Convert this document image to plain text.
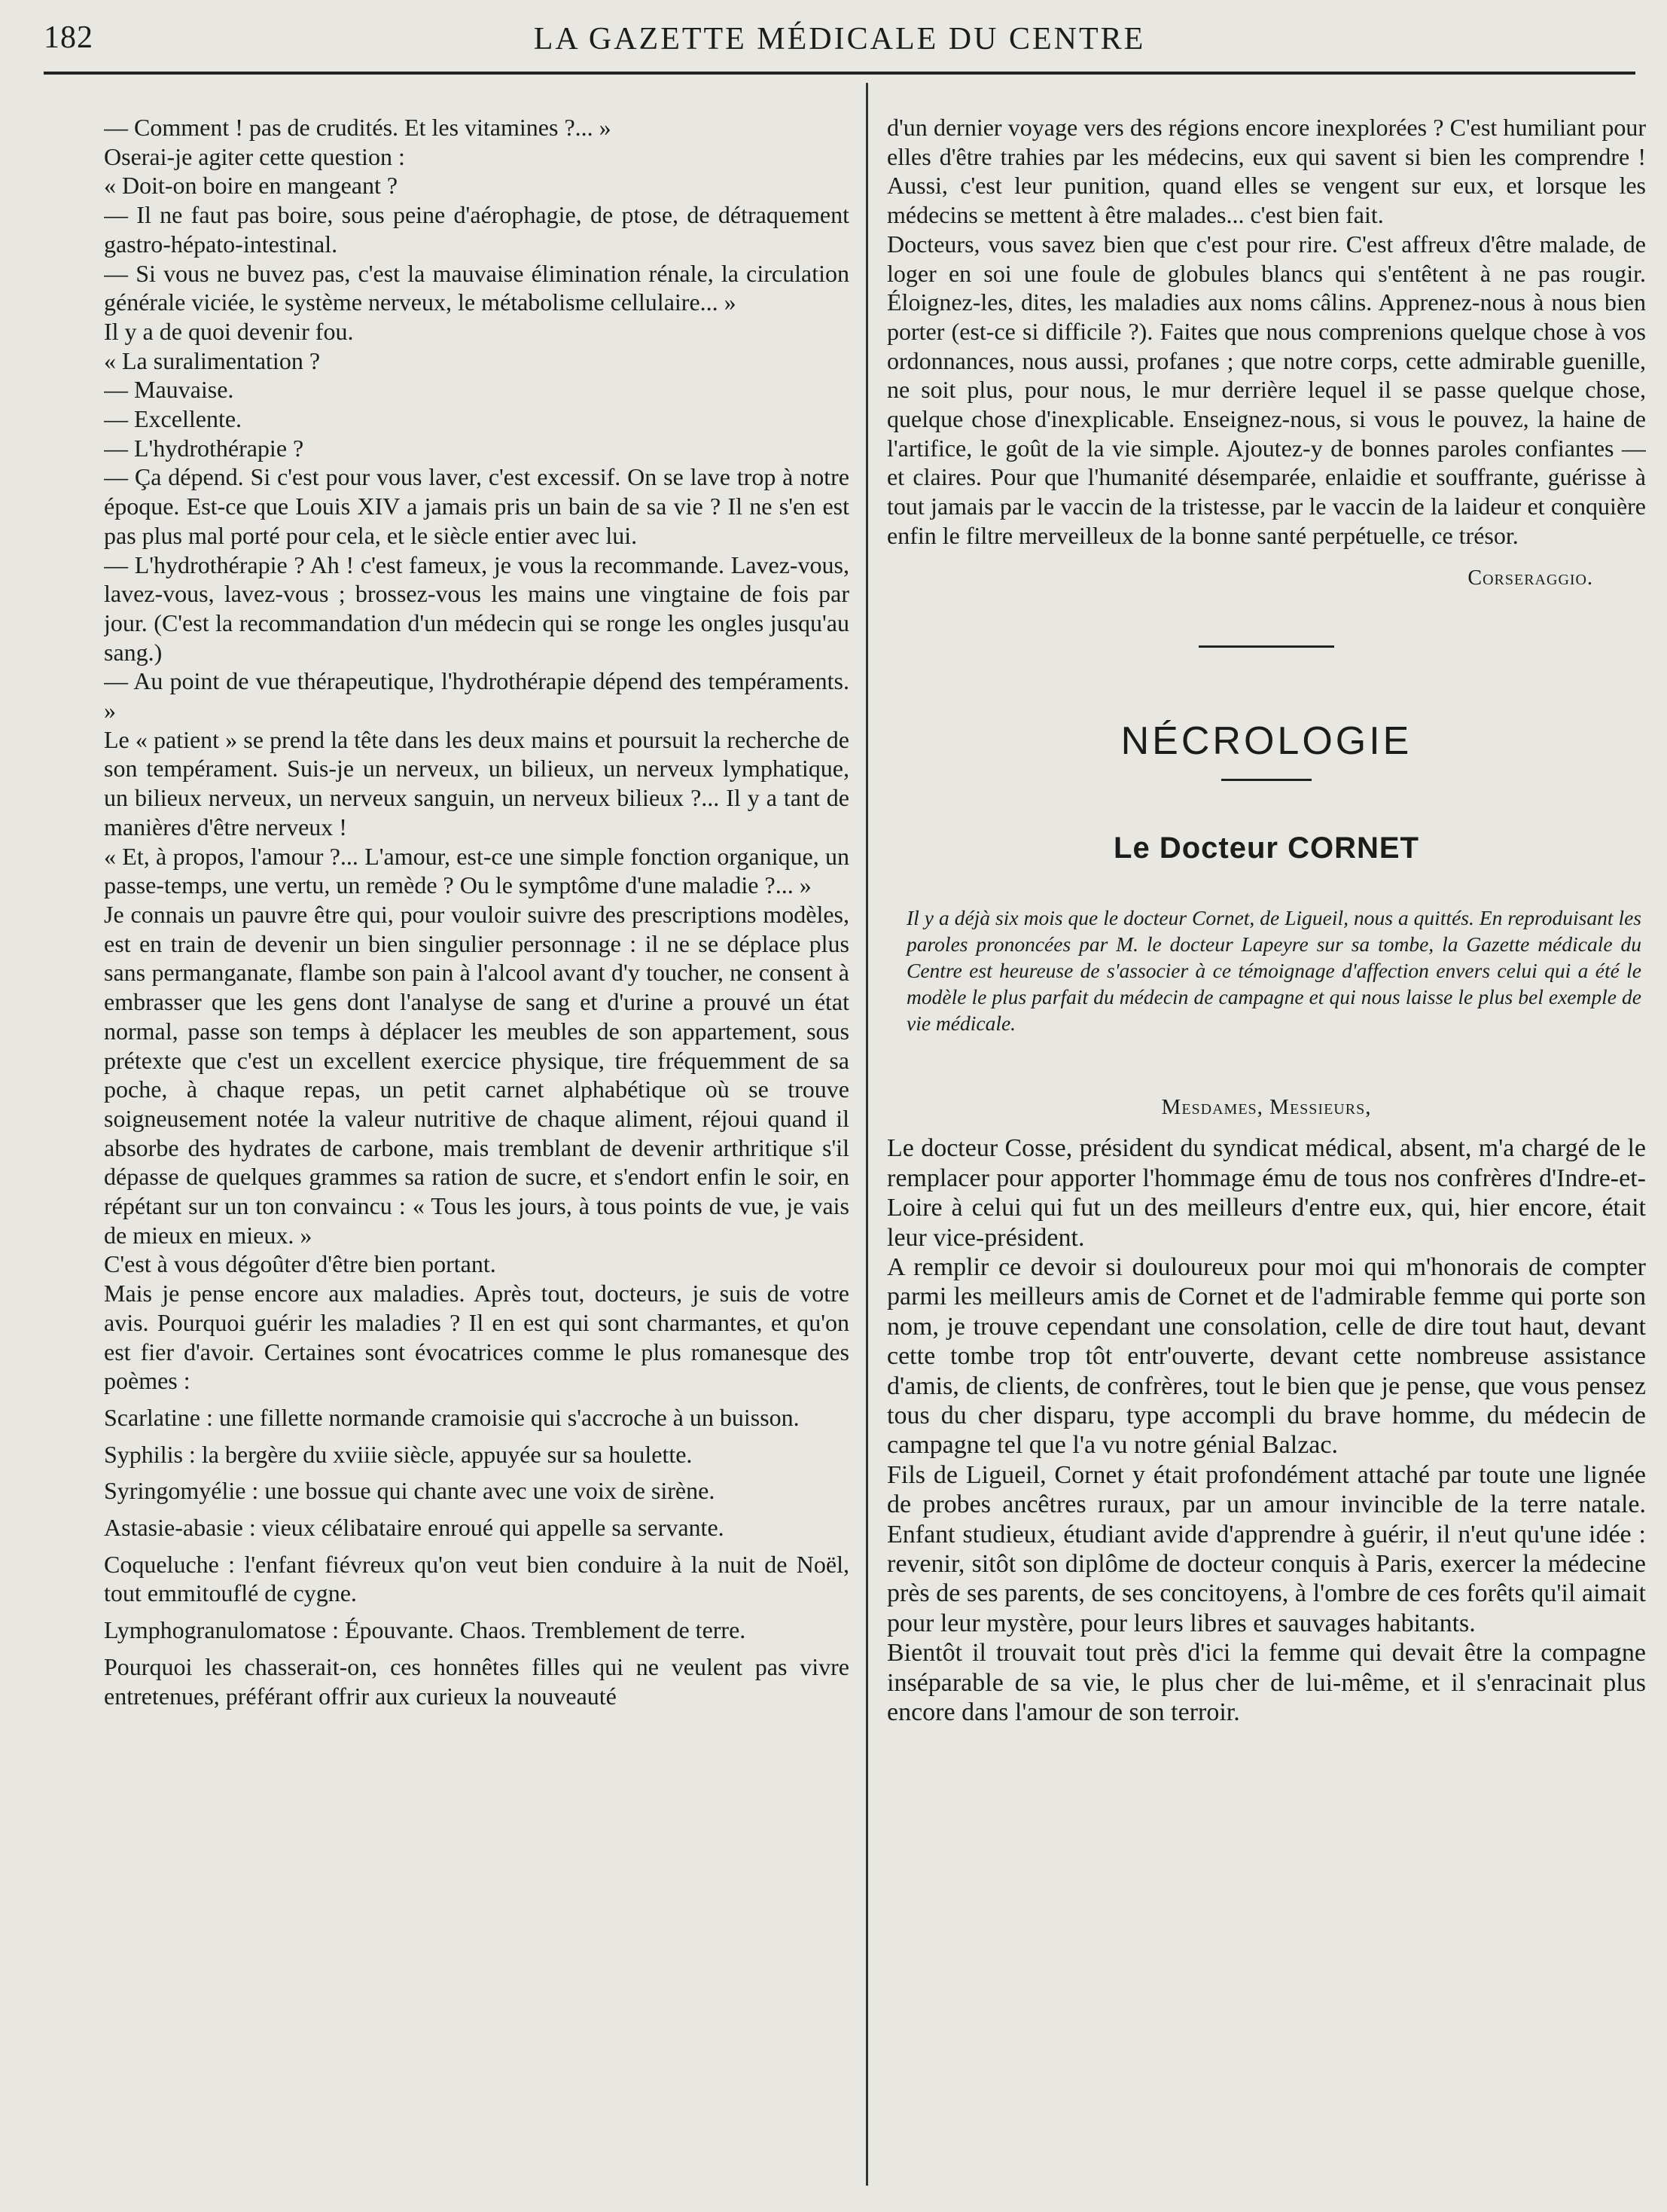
182	LA GAZETTE MÉDICALE DU CENTRE

— Comment ! pas de crudités. Et les vitamines ?... »

Oserai-je agiter cette question :

« Doit-on boire en mangeant ?

— Il ne faut pas boire, sous peine d'aérophagie, de ptose, de détraquement gastro-hépato-intestinal.

— Si vous ne buvez pas, c'est la mauvaise élimination rénale, la circulation générale viciée, le système nerveux, le métabolisme cellulaire... »

Il y a de quoi devenir fou.

« La suralimentation ?

— Mauvaise.

— Excellente.

— L'hydrothérapie ?

— Ça dépend. Si c'est pour vous laver, c'est excessif. On se lave trop à notre époque. Est-ce que Louis XIV a jamais pris un bain de sa vie ? Il ne s'en est pas plus mal porté pour cela, et le siècle entier avec lui.

— L'hydrothérapie ? Ah ! c'est fameux, je vous la recommande. Lavez-vous, lavez-vous, lavez-vous ; brossez-vous les mains une vingtaine de fois par jour. (C'est la recommandation d'un médecin qui se ronge les ongles jusqu'au sang.)

— Au point de vue thérapeutique, l'hydrothérapie dépend des tempéraments. »

Le « patient » se prend la tête dans les deux mains et poursuit la recherche de son tempérament. Suis-je un nerveux, un bilieux, un nerveux lymphatique, un bilieux nerveux, un nerveux sanguin, un nerveux bilieux ?... Il y a tant de manières d'être nerveux !

« Et, à propos, l'amour ?... L'amour, est-ce une simple fonction organique, un passe-temps, une vertu, un remède ? Ou le symptôme d'une maladie ?... »

Je connais un pauvre être qui, pour vouloir suivre des prescriptions modèles, est en train de devenir un bien singulier personnage : il ne se déplace plus sans permanganate, flambe son pain à l'alcool avant d'y toucher, ne consent à embrasser que les gens dont l'analyse de sang et d'urine a prouvé un état normal, passe son temps à déplacer les meubles de son appartement, sous prétexte que c'est un excellent exercice physique, tire fréquemment de sa poche, à chaque repas, un petit carnet alphabétique où se trouve soigneusement notée la valeur nutritive de chaque aliment, réjoui quand il absorbe des hydrates de carbone, mais tremblant de devenir arthritique s'il dépasse de quelques grammes sa ration de sucre, et s'endort enfin le soir, en répétant sur un ton convaincu : « Tous les jours, à tous points de vue, je vais de mieux en mieux. »

C'est à vous dégoûter d'être bien portant.

Mais je pense encore aux maladies. Après tout, docteurs, je suis de votre avis. Pourquoi guérir les maladies ? Il en est qui sont charmantes, et qu'on est fier d'avoir. Certaines sont évocatrices comme le plus romanesque des poèmes :

Scarlatine : une fillette normande cramoisie qui s'accroche à un buisson.

Syphilis : la bergère du xviiie siècle, appuyée sur sa houlette.

Syringomyélie : une bossue qui chante avec une voix de sirène.

Astasie-abasie : vieux célibataire enroué qui appelle sa servante.

Coqueluche : l'enfant fiévreux qu'on veut bien conduire à la nuit de Noël, tout emmitouflé de cygne.

Lymphogranulomatose : Épouvante. Chaos. Tremblement de terre.

Pourquoi les chasserait-on, ces honnêtes filles qui ne veulent pas vivre entretenues, préférant offrir aux curieux la nouveauté

d'un dernier voyage vers des régions encore inexplorées ? C'est humiliant pour elles d'être trahies par les médecins, eux qui savent si bien les comprendre ! Aussi, c'est leur punition, quand elles se vengent sur eux, et lorsque les médecins se mettent à être malades... c'est bien fait.

Docteurs, vous savez bien que c'est pour rire. C'est affreux d'être malade, de loger en soi une foule de globules blancs qui s'entêtent à ne pas rougir. Éloignez-les, dites, les maladies aux noms câlins. Apprenez-nous à nous bien porter (est-ce si difficile ?). Faites que nous comprenions quelque chose à vos ordonnances, nous aussi, profanes ; que notre corps, cette admirable guenille, ne soit plus, pour nous, le mur derrière lequel il se passe quelque chose, quelque chose d'inexplicable. Enseignez-nous, si vous le pouvez, la haine de l'artifice, le goût de la vie simple. Ajoutez-y de bonnes paroles confiantes — et claires. Pour que l'humanité désemparée, enlaidie et souffrante, guérisse à tout jamais par le vaccin de la tristesse, par le vaccin de la laideur et conquière enfin le filtre merveilleux de la bonne santé perpétuelle, ce trésor.

Corseraggio.

NÉCROLOGIE
Le Docteur CORNET

Il y a déjà six mois que le docteur Cornet, de Ligueil, nous a quittés. En reproduisant les paroles prononcées par M. le docteur Lapeyre sur sa tombe, la Gazette médicale du Centre est heureuse de s'associer à ce témoignage d'affection envers celui qui a été le modèle le plus parfait du médecin de campagne et qui nous laisse le plus bel exemple de vie médicale.

Mesdames, Messieurs,

Le docteur Cosse, président du syndicat médical, absent, m'a chargé de le remplacer pour apporter l'hommage ému de tous nos confrères d'Indre-et-Loire à celui qui fut un des meilleurs d'entre eux, qui, hier encore, était leur vice-président.

A remplir ce devoir si douloureux pour moi qui m'honorais de compter parmi les meilleurs amis de Cornet et de l'admirable femme qui porte son nom, je trouve cependant une consolation, celle de dire tout haut, devant cette tombe trop tôt entr'ouverte, devant cette nombreuse assistance d'amis, de clients, de confrères, tout le bien que je pense, que vous pensez tous du cher disparu, type accompli du brave homme, du médecin de campagne tel que l'a vu notre génial Balzac.

Fils de Ligueil, Cornet y était profondément attaché par toute une lignée de probes ancêtres ruraux, par un amour invincible de la terre natale. Enfant studieux, étudiant avide d'apprendre à guérir, il n'eut qu'une idée : revenir, sitôt son diplôme de docteur conquis à Paris, exercer la médecine près de ses parents, de ses concitoyens, à l'ombre de ces forêts qu'il aimait pour leur mystère, pour leurs libres et sauvages habitants.

Bientôt il trouvait tout près d'ici la femme qui devait être la compagne inséparable de sa vie, le plus cher de lui-même, et il s'enracinait plus encore dans l'amour de son terroir.
